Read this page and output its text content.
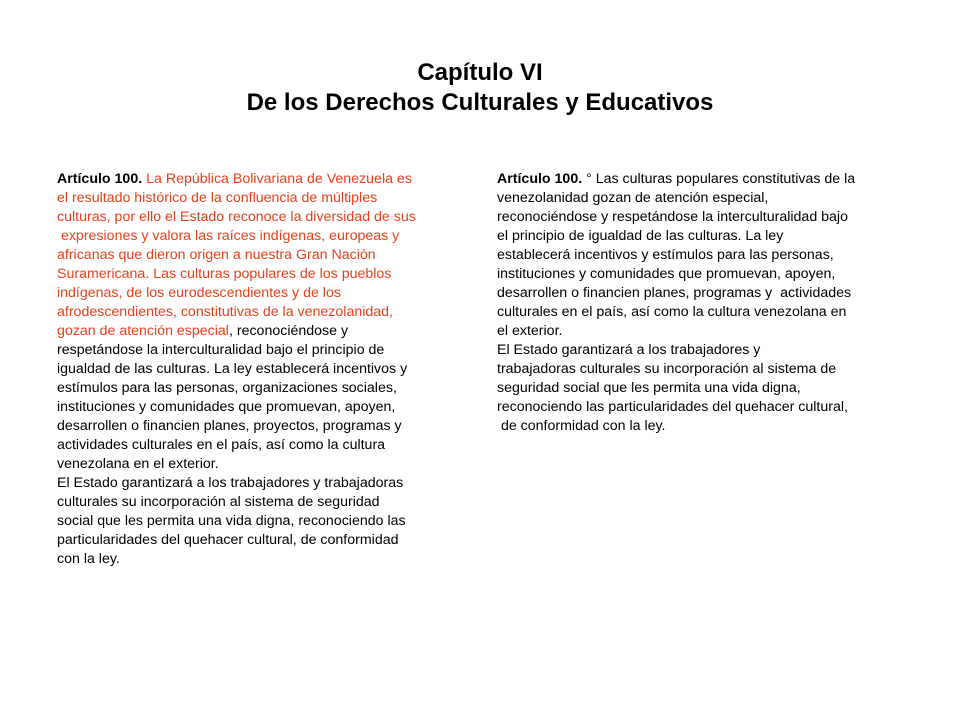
Capítulo VI
De los Derechos Culturales y Educativos
Artículo 100. La República Bolivariana de Venezuela es
el resultado histórico de la confluencia de múltiples
culturas, por ello el Estado reconoce la diversidad de sus
expresiones y valora las raíces indígenas, europeas y
africanas que dieron origen a nuestra Gran Nación
Suramericana. Las culturas populares de los pueblos
indígenas, de los eurodescendientes y de los
afrodescendientes, constitutivas de la venezolanidad,
gozan de atención especial, reconociéndose y
respetándose la interculturalidad bajo el principio de
igualdad de las culturas. La ley establecerá incentivos y
estímulos para las personas, organizaciones sociales,
instituciones y comunidades que promuevan, apoyen,
desarrollen o financien planes, proyectos, programas y
actividades culturales en el país, así como la cultura
venezolana en el exterior.
El Estado garantizará a los trabajadores y trabajadoras
culturales su incorporación al sistema de seguridad
social que les permita una vida digna, reconociendo las
particularidades del quehacer cultural, de conformidad
con la ley.
Artículo 100. ° Las culturas populares constitutivas de la
venezolanidad gozan de atención especial,
reconociéndose y respetándose la interculturalidad bajo
el principio de igualdad de las culturas. La ley
establecerá incentivos y estímulos para las personas,
instituciones y comunidades que promuevan, apoyen,
desarrollen o financien planes, programas y  actividades
culturales en el país, así como la cultura venezolana en
el exterior.
El Estado garantizará a los trabajadores y
trabajadoras culturales su incorporación al sistema de
seguridad social que les permita una vida digna,
reconociendo las particularidades del quehacer cultural,
de conformidad con la ley.
